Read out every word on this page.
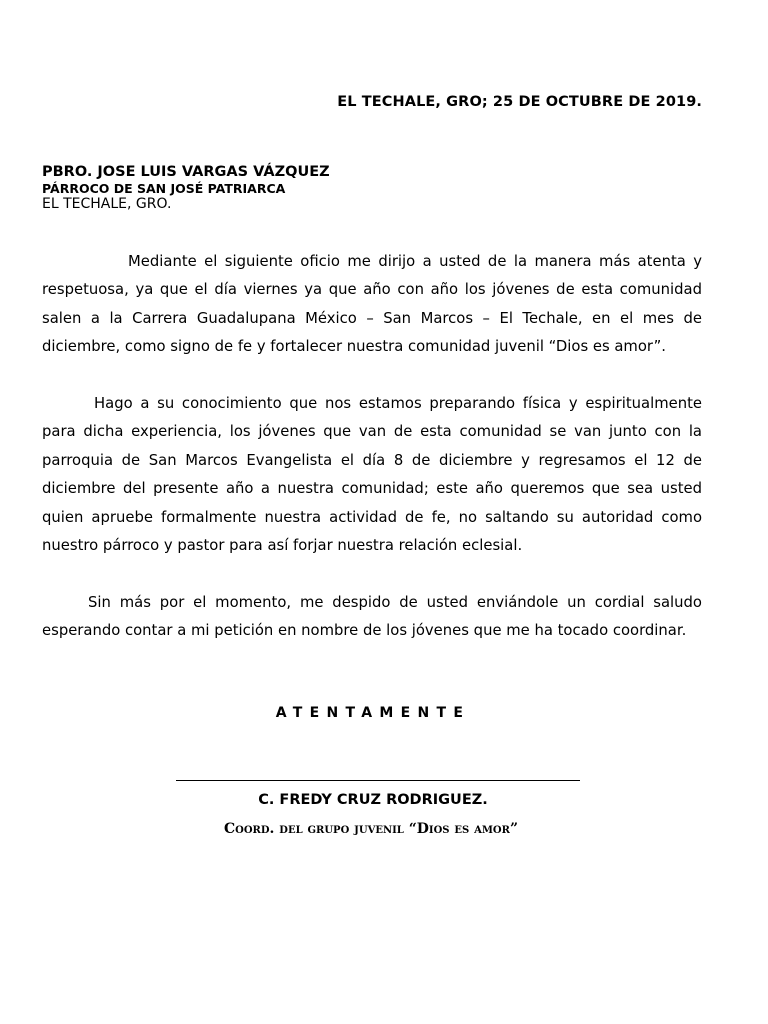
EL TECHALE, GRO; 25 DE OCTUBRE DE 2019.
PBRO. JOSE LUIS VARGAS VÁZQUEZ
PÁRROCO DE SAN JOSÉ PATRIARCA
EL TECHALE, GRO.
Mediante el siguiente oficio me dirijo a usted de la manera más atenta y
respetuosa, ya que el día viernes ya que año con año los jóvenes de esta comunidad
salen a la Carrera Guadalupana México – San Marcos – El Techale, en el mes de
diciembre, como signo de fe y fortalecer nuestra comunidad juvenil “Dios es amor”.
Hago a su conocimiento que nos estamos preparando física y espiritualmente
para dicha experiencia, los jóvenes que van de esta comunidad se van junto con la
parroquia de San Marcos Evangelista el día 8 de diciembre y regresamos el 12 de
diciembre del presente año a nuestra comunidad; este año queremos que sea usted
quien apruebe formalmente nuestra actividad de fe, no saltando su autoridad como
nuestro párroco y pastor para así forjar nuestra relación eclesial.
Sin más por el momento, me despido de usted enviándole un cordial saludo
esperando contar a mi petición en nombre de los jóvenes que me ha tocado coordinar.
ATENTAMENTE
C. FREDY CRUZ RODRIGUEZ.
Coord. del grupo juvenil “Dios es amor”
